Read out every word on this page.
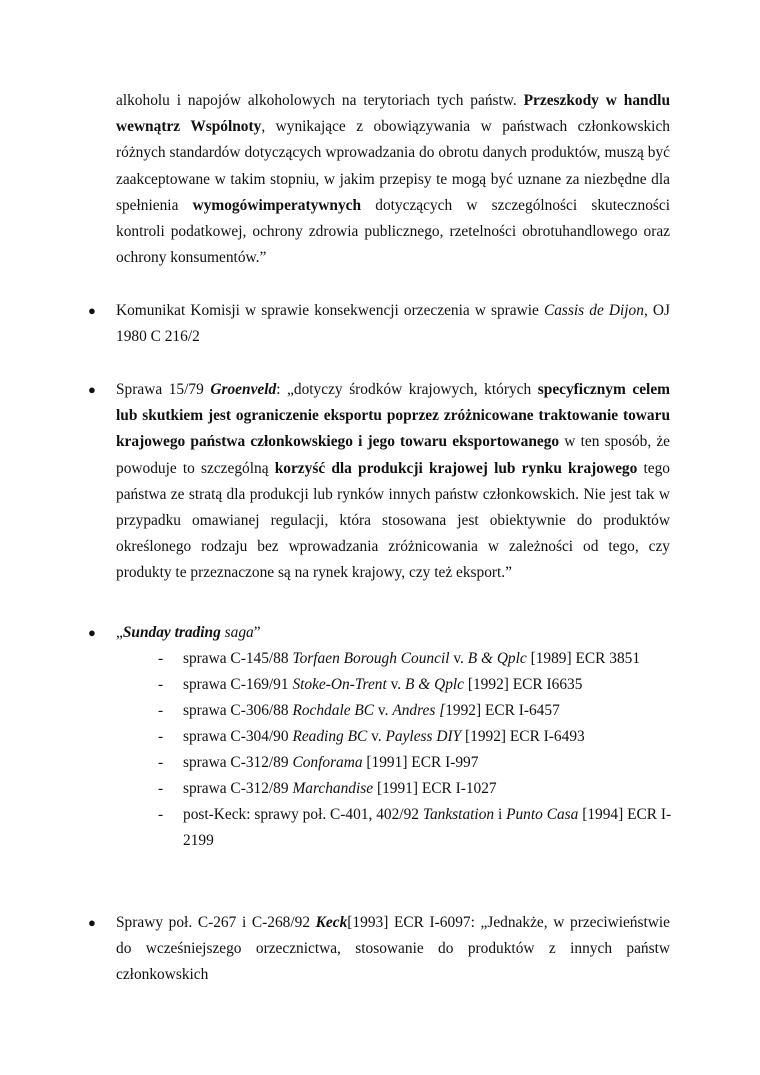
alkoholu i napojów alkoholowych na terytoriach tych państw. Przeszkody w handlu wewnątrz Wspólnoty, wynikające z obowiązywania w państwach członkowskich różnych standardów dotyczących wprowadzania do obrotu danych produktów, muszą być zaakceptowane w takim stopniu, w jakim przepisy te mogą być uznane za niezbędne dla spełnienia wymogówimperatywnych dotyczących w szczególności skuteczności kontroli podatkowej, ochrony zdrowia publicznego, rzetelności obrotuhandlowego oraz ochrony konsumentów.”

● Komunikat Komisji w sprawie konsekwencji orzeczenia w sprawie Cassis de Dijon, OJ 1980 C 216/2

● Sprawa 15/79 Groenveld: „dotyczy środków krajowych, których specyficznym celem lub skutkiem jest ograniczenie eksportu poprzez zróżnicowane traktowanie towaru krajowego państwa członkowskiego i jego towaru eksportowanego w ten sposób, że powoduje to szczególną korzyść dla produkcji krajowej lub rynku krajowego tego państwa ze stratą dla produkcji lub rynków innych państw członkowskich. Nie jest tak w przypadku omawianej regulacji, która stosowana jest obiektywnie do produktów określonego rodzaju bez wprowadzania zróżnicowania w zależności od tego, czy produkty te przeznaczone są na rynek krajowy, czy też eksport.”

● „Sunday trading saga”

- sprawa C-145/88 Torfaen Borough Council v. B & Qplc [1989] ECR 3851
- sprawa C-169/91 Stoke-On-Trent v. B & Qplc [1992] ECR I6635
- sprawa C-306/88 Rochdale BC v. Andres [1992] ECR I-6457
- sprawa C-304/90 Reading BC v. Payless DIY [1992] ECR I-6493
- sprawa C-312/89 Conforama [1991] ECR I-997
- sprawa C-312/89 Marchandise [1991] ECR I-1027
- post-Keck: sprawy poł. C-401, 402/92 Tankstation i Punto Casa [1994] ECR I-2199
● Sprawy poł. C-267 i C-268/92 Keck[1993] ECR I-6097: „Jednakże, w przeciwieństwie do wcześniejszego orzecznictwa, stosowanie do produktów z innych państw członkowskich
